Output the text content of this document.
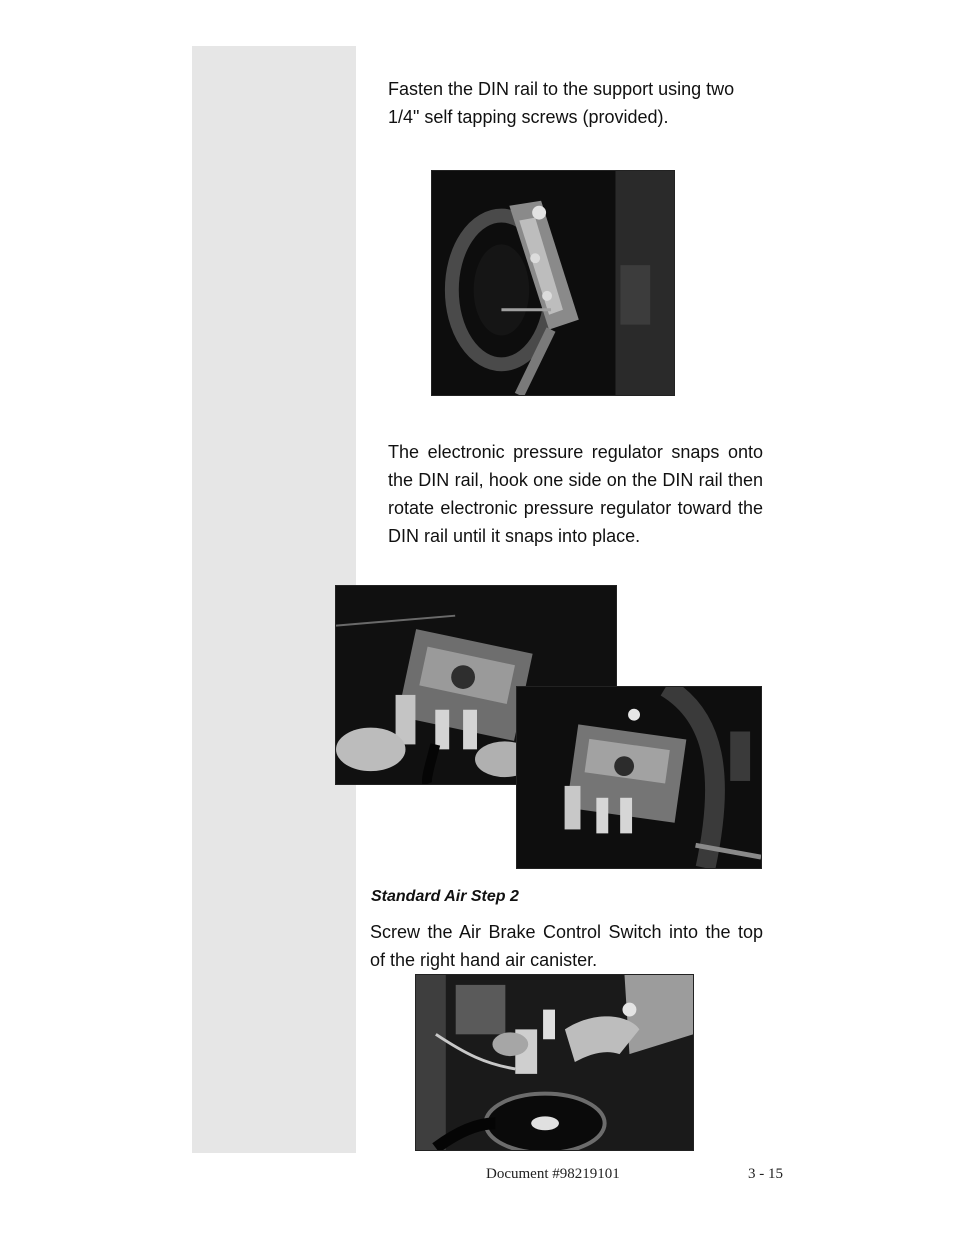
Fasten the DIN rail to the support using two 1/4" self tapping screws (provided).

The electronic pressure regulator snaps onto the DIN rail, hook one side on the DIN rail then rotate electronic pressure regulator toward the DIN rail until it snaps into place.

Standard Air Step 2

Screw the Air Brake Control Switch into the top of the right hand air canister.

Document #98219101	3 - 15
